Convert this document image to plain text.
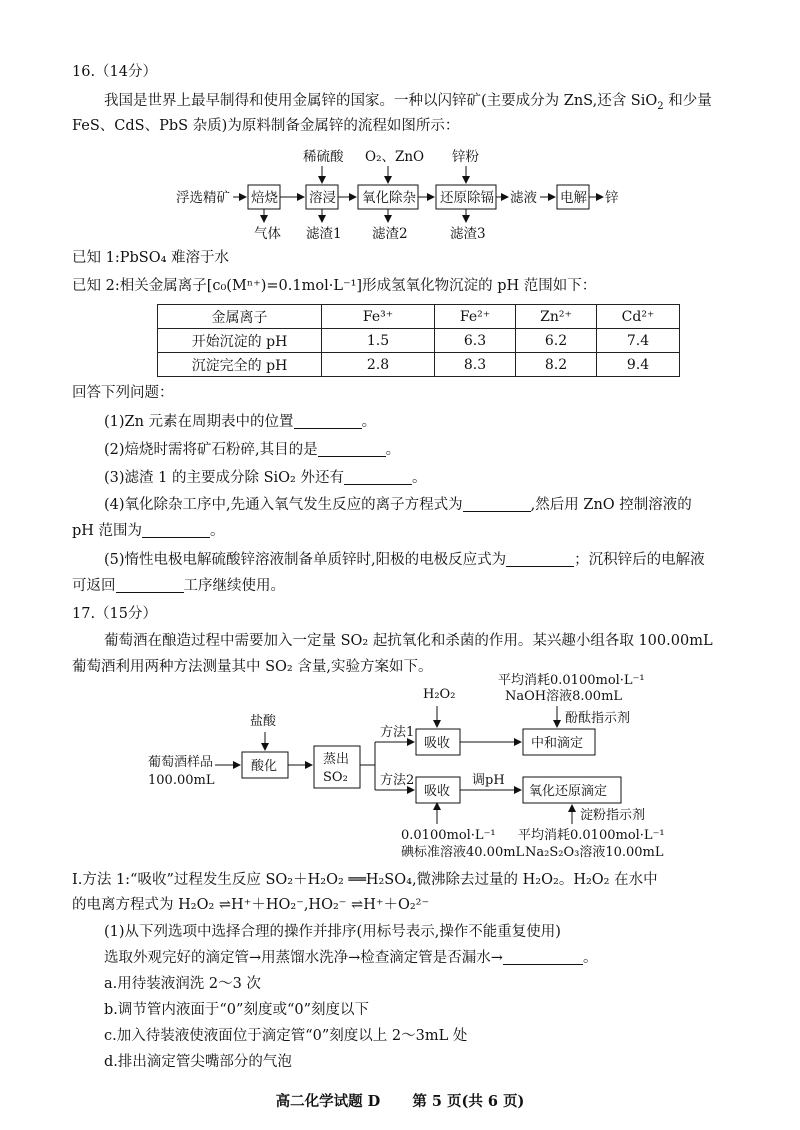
16.（14分）
我国是世界上最早制得和使用金属锌的国家。一种以闪锌矿(主要成分为 ZnS,还含 SiO$_2$ 和少量
FeS、CdS、PbS 杂质)为原料制备金属锌的流程如图所示：
浮选精矿 焙烧 溶浸 氧化除杂 还原除镉 滤液 电解 锌
稀硫酸 O₂、ZnO 锌粉
气体 滤渣1 滤渣2	滤渣3
已知 1:PbSO₄ 难溶于水
已知 2:相关金属离子[c₀(Mⁿ⁺)=0.1mol·L⁻¹]形成氢氧化物沉淀的 pH 范围如下：
金属离子	Fe³⁺	Fe²⁺	Zn²⁺	Cd²⁺
开始沉淀的 pH	1.5	6.3	6.2	7.4
沉淀完全的 pH	2.8	8.3	8.2	9.4
回答下列问题：
(1)Zn 元素在周期表中的位置	。
(2)焙烧时需将矿石粉碎,其目的是	。
(3)滤渣 1 的主要成分除 SiO₂ 外还有	。
(4)氧化除杂工序中,先通入氧气发生反应的离子方程式为	,然后用 ZnO 控制溶液的
pH 范围为	。
(5)惰性电极电解硫酸锌溶液制备单质锌时,阳极的电极反应式为	；沉积锌后的电解液
可返回	工序继续使用。
17.（15分）
葡萄酒在酿造过程中需要加入一定量 SO₂ 起抗氧化和杀菌的作用。某兴趣小组各取 100.00mL
葡萄酒利用两种方法测量其中 SO₂ 含量,实验方案如下。
葡萄酒样品
100.00mL
盐酸
酸化	蒸出
SO₂
方法1
方法2
H₂O₂
吸收	中和滴定
平均消耗0.0100mol·L⁻¹
NaOH溶液8.00mL
酚酞指示剂
吸收
0.0100mol·L⁻¹
碘标准溶液40.00mL
调pH
氧化还原滴定
淀粉指示剂
平均消耗0.0100mol·L⁻¹
Na₂S₂O₃溶液10.00mL
Ⅰ.方法 1:“吸收”过程发生反应 SO₂＋H₂O₂ ══H₂SO₄,微沸除去过量的 H₂O₂。H₂O₂ 在水中
的电离方程式为 H₂O₂ ⇌H⁺＋HO₂⁻,HO₂⁻ ⇌H⁺＋O₂²⁻
(1)从下列选项中选择合理的操作并排序(用标号表示,操作不能重复使用)
选取外观完好的滴定管→用蒸馏水洗净→检查滴定管是否漏水→	。
a.用待装液润洗 2～3 次
b.调节管内液面于“0”刻度或“0”刻度以下
c.加入待装液使液面位于滴定管“0”刻度以上 2～3mL 处
d.排出滴定管尖嘴部分的气泡
高二化学试题 D 第 5 页(共 6 页)
